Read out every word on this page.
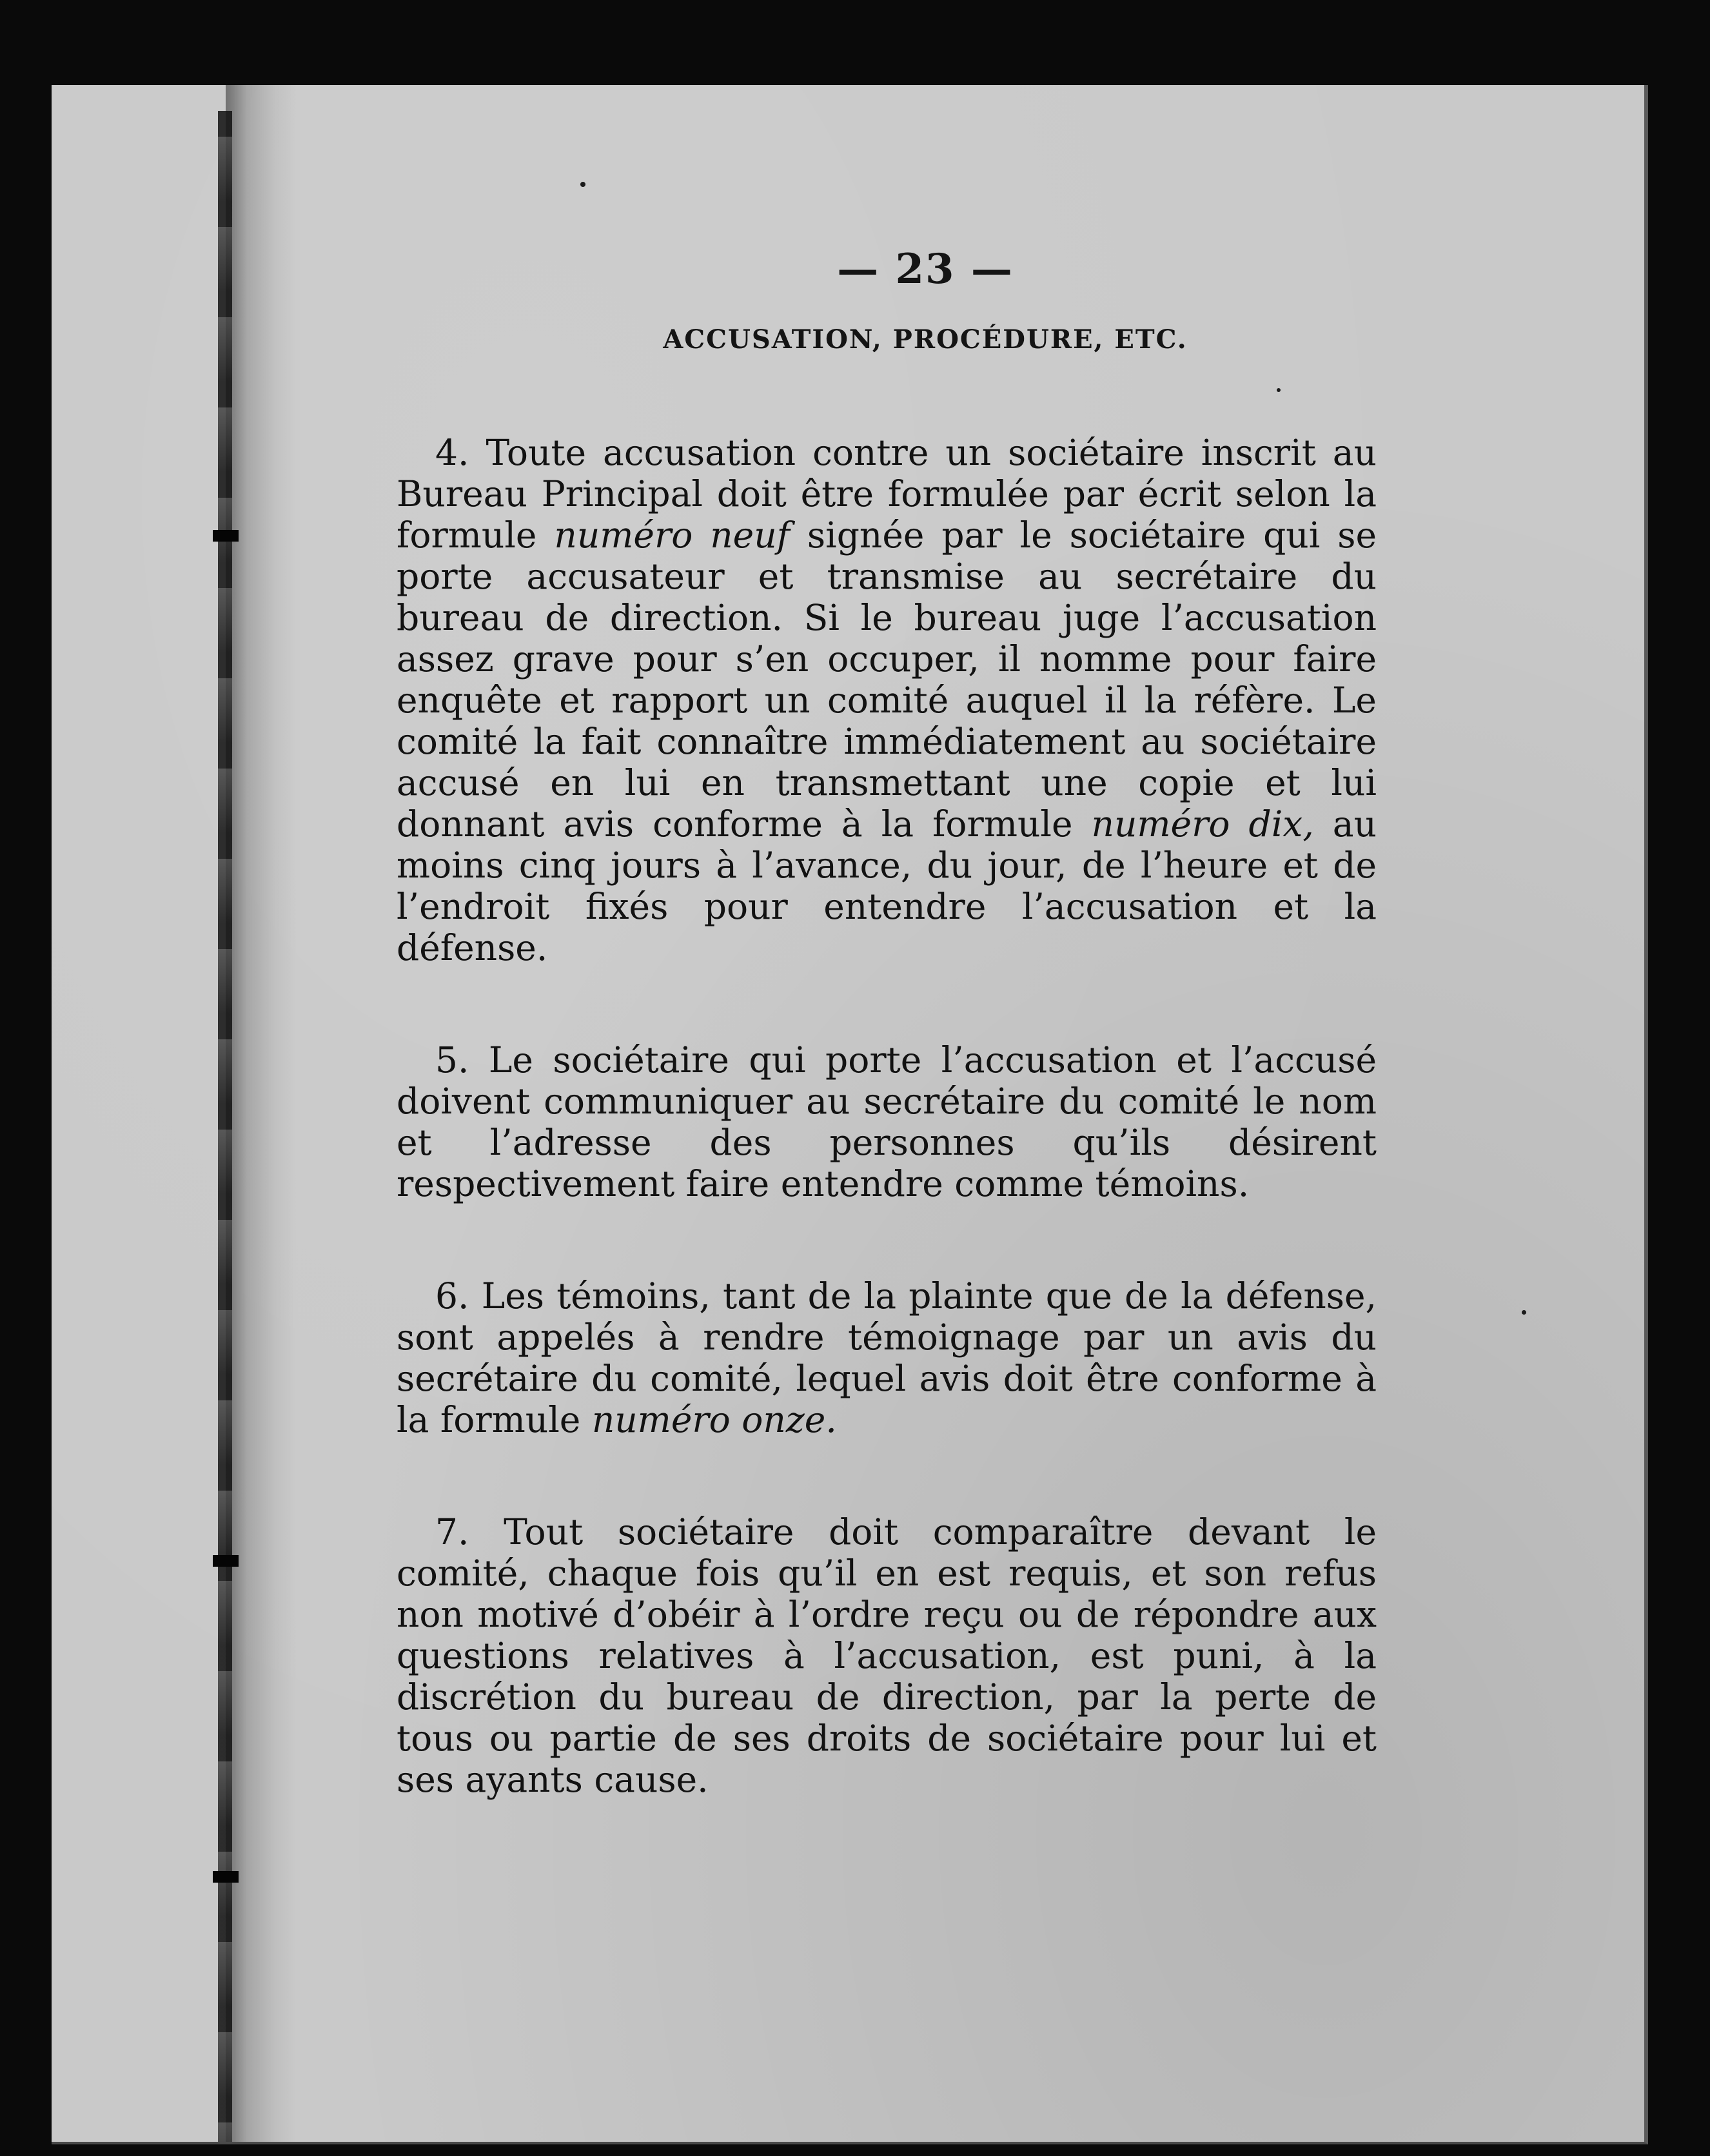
— 23 —
ACCUSATION, PROCÉDURE, ETC.

4. Toute accusation contre un sociétaire inscrit au Bureau Principal doit être formulée par écrit selon la formule numéro neuf signée par le sociétaire qui se porte accusateur et transmise au secrétaire du bureau de direction. Si le bureau juge l’accusation assez grave pour s’en occuper, il nomme pour faire enquête et rapport un comité auquel il la réfère. Le comité la fait connaître immédiatement au sociétaire accusé en lui en transmettant une copie et lui donnant avis conforme à la formule numéro dix, au moins cinq jours à l’avance, du jour, de l’heure et de l’endroit fixés pour entendre l’accusation et la défense.

5. Le sociétaire qui porte l’accusation et l’accusé doivent communiquer au secrétaire du comité le nom et l’adresse des personnes qu’ils désirent respectivement faire entendre comme témoins.

6. Les témoins, tant de la plainte que de la défense, sont appelés à rendre témoignage par un avis du secrétaire du comité, lequel avis doit être conforme à la formule numéro onze.

7. Tout sociétaire doit comparaître devant le comité, chaque fois qu’il en est requis, et son refus non motivé d’obéir à l’ordre reçu ou de répondre aux questions relatives à l’accusation, est puni, à la discrétion du bureau de direction, par la perte de tous ou partie de ses droits de sociétaire pour lui et ses ayants cause.
